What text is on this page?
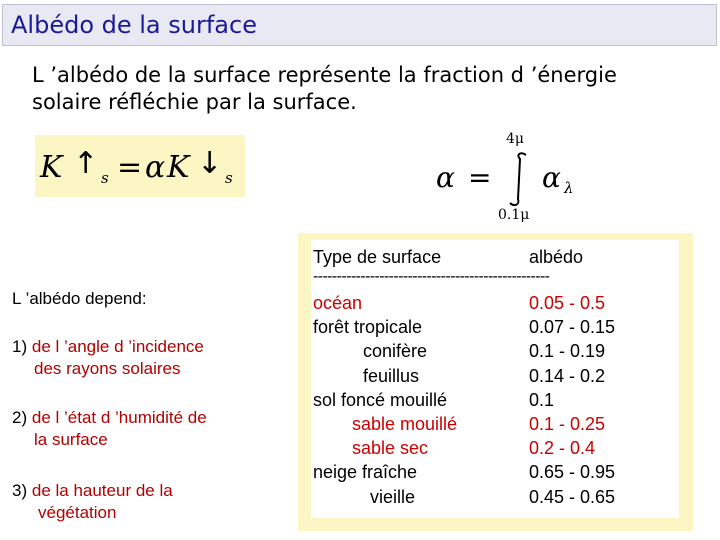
Albédo de la surface
L ’albédo de la surface représente la fraction d ’énergie solaire réfléchie par la surface.
K ↑ s = α K ↓ s	α =
4μ
0.1μ
α λ
L ’albédo depend:
1) de l ’angle d ’incidence
des rayons solaires
2) de l ’état d ’humidité de
la surface
3) de la hauteur de la
végétation
Type de surface	albédo
--------------------------------------------------
océan	0.05 - 0.5
forêt tropicale	0.07 - 0.15
conifère	0.1 - 0.19
feuillus	0.14 - 0.2
sol foncé mouillé	0.1
sable mouillé	0.1 - 0.25
sable sec	0.2 - 0.4
neige fraîche	0.65 - 0.95
vieille	0.45 - 0.65
